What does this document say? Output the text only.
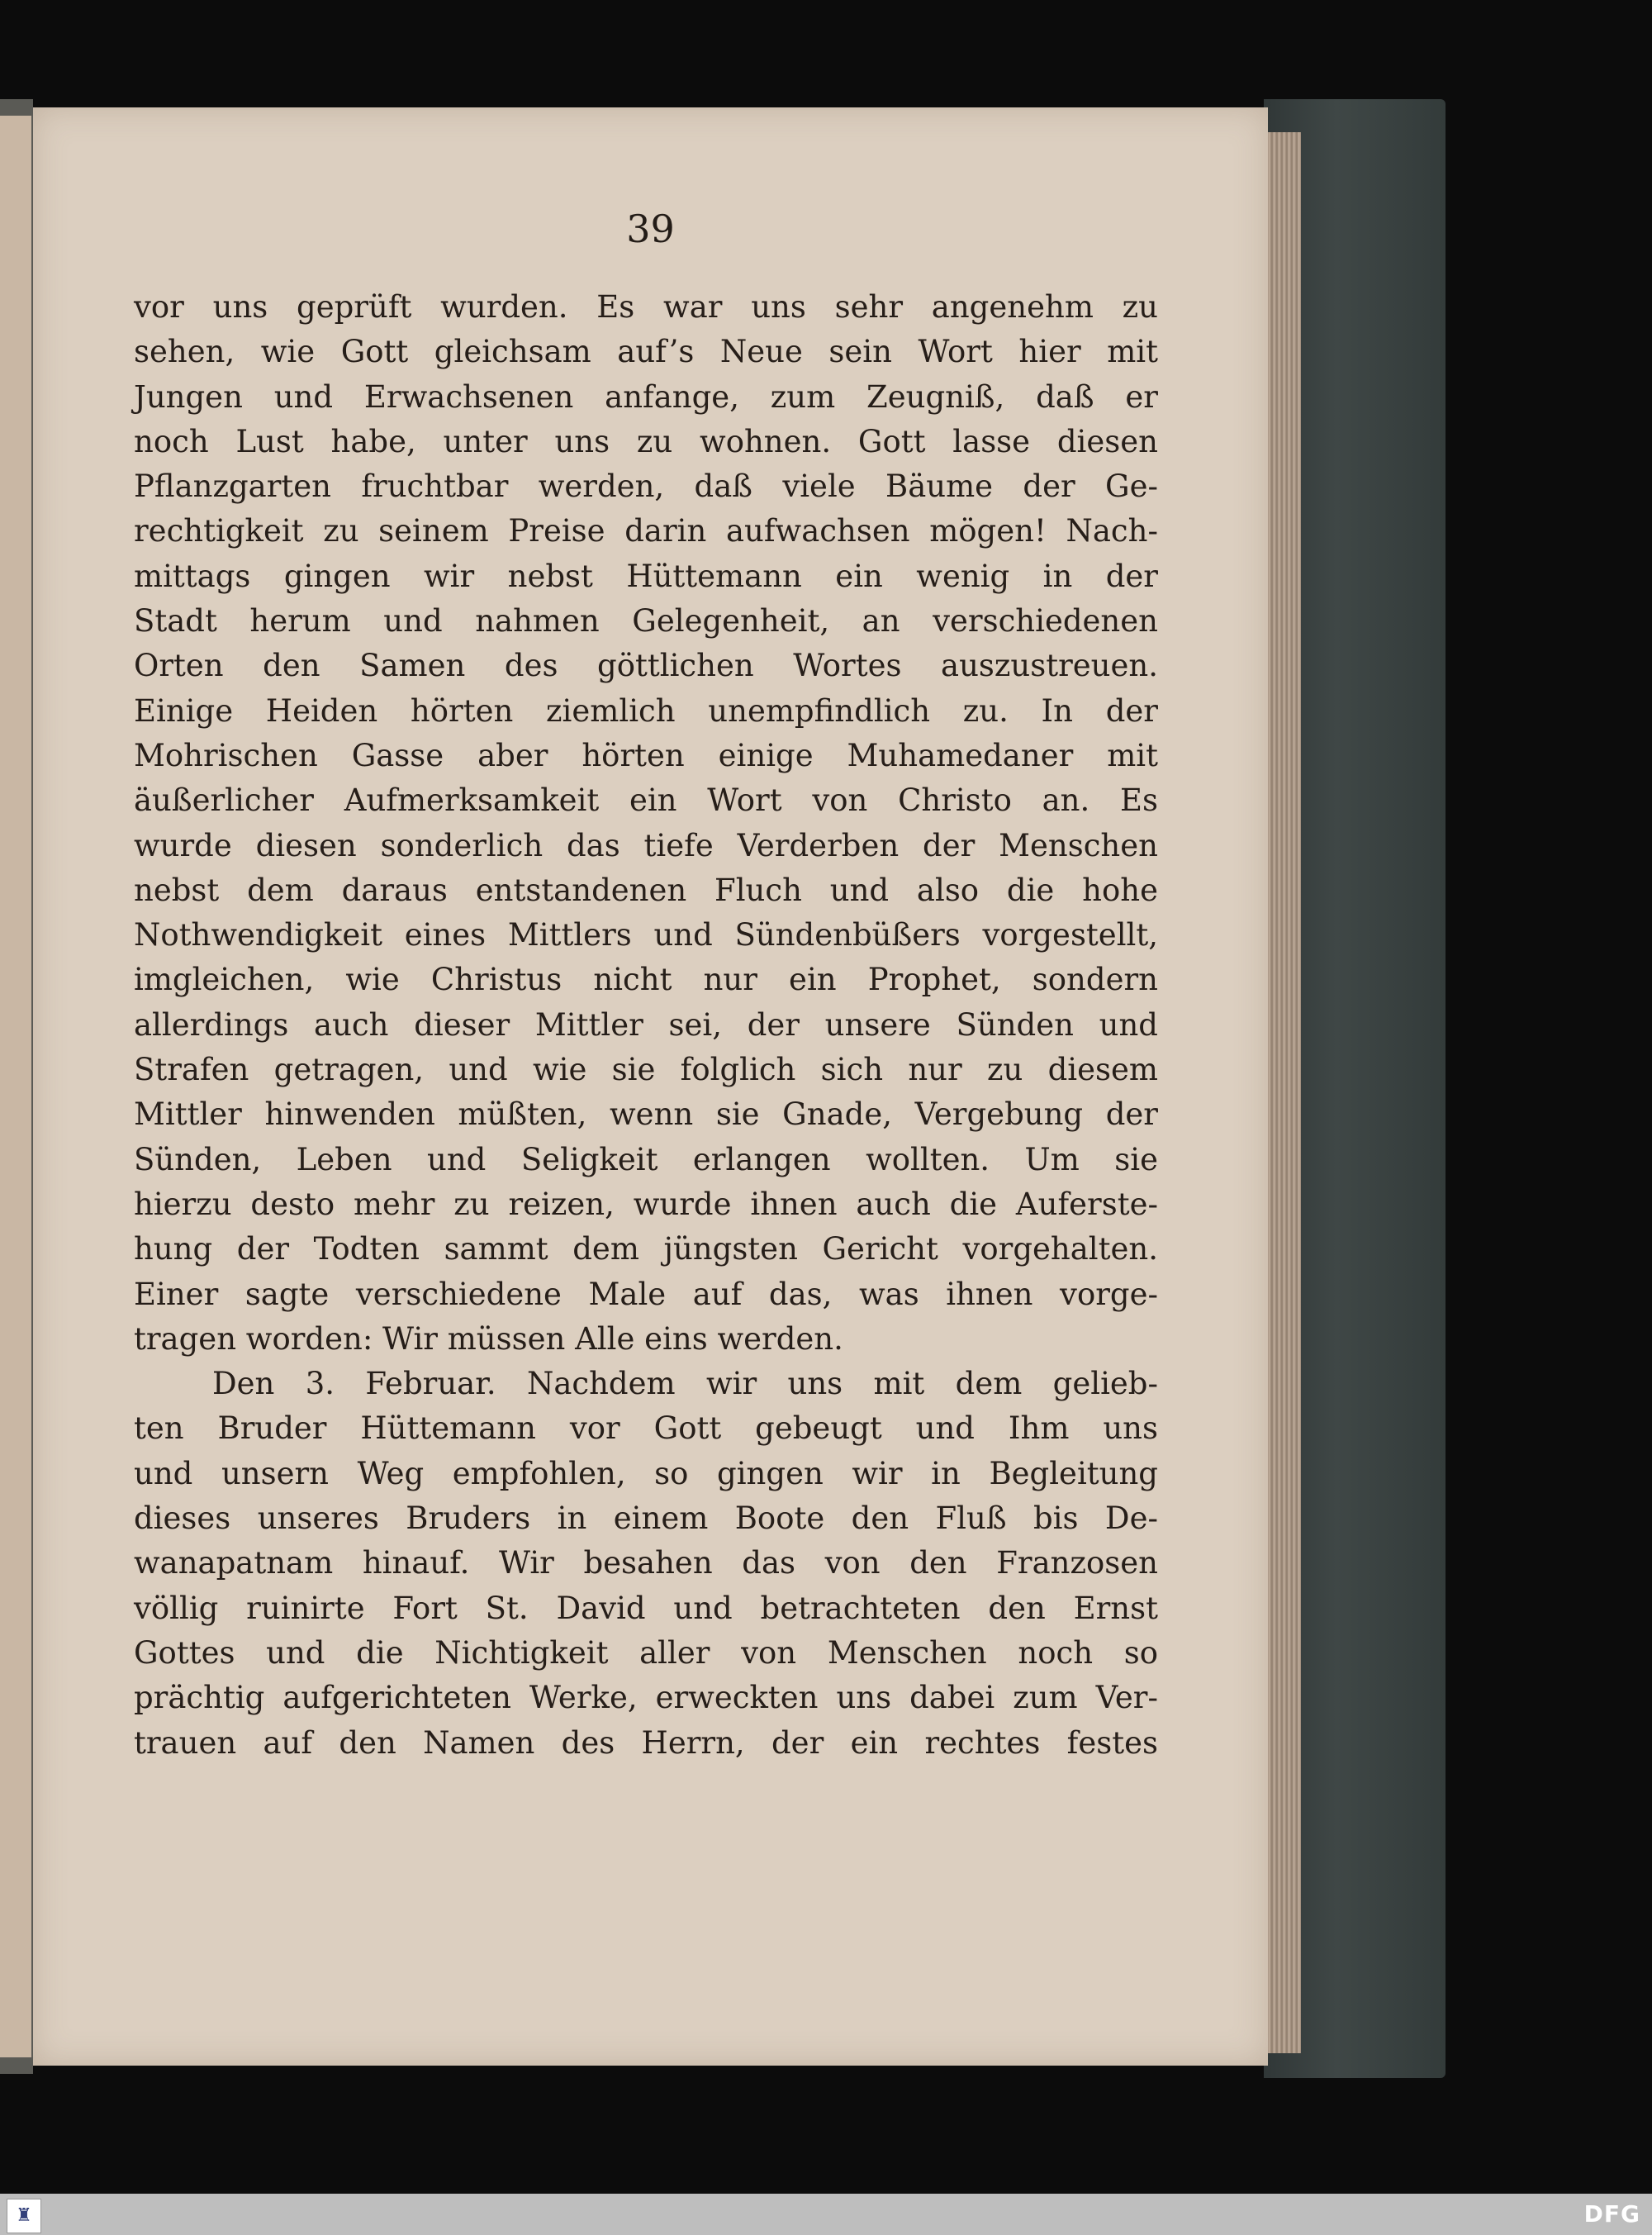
39
vor uns geprüft wurden. Es war uns sehr angenehm zu
sehen, wie Gott gleichsam auf’s Neue sein Wort hier mit
Jungen und Erwachsenen anfange, zum Zeugniß, daß er
noch Lust habe, unter uns zu wohnen. Gott lasse diesen
Pflanzgarten fruchtbar werden, daß viele Bäume der Ge-
rechtigkeit zu seinem Preise darin aufwachsen mögen! Nach-
mittags gingen wir nebst Hüttemann ein wenig in der
Stadt herum und nahmen Gelegenheit, an verschiedenen
Orten den Samen des göttlichen Wortes auszustreuen.
Einige Heiden hörten ziemlich unempfindlich zu. In der
Mohrischen Gasse aber hörten einige Muhamedaner mit
äußerlicher Aufmerksamkeit ein Wort von Christo an. Es
wurde diesen sonderlich das tiefe Verderben der Menschen
nebst dem daraus entstandenen Fluch und also die hohe
Nothwendigkeit eines Mittlers und Sündenbüßers vorgestellt,
imgleichen, wie Christus nicht nur ein Prophet, sondern
allerdings auch dieser Mittler sei, der unsere Sünden und
Strafen getragen, und wie sie folglich sich nur zu diesem
Mittler hinwenden müßten, wenn sie Gnade, Vergebung der
Sünden, Leben und Seligkeit erlangen wollten. Um sie
hierzu desto mehr zu reizen, wurde ihnen auch die Auferste-
hung der Todten sammt dem jüngsten Gericht vorgehalten.
Einer sagte verschiedene Male auf das, was ihnen vorge-
tragen worden: Wir müssen Alle eins werden.
Den 3. Februar. Nachdem wir uns mit dem gelieb-
ten Bruder Hüttemann vor Gott gebeugt und Ihm uns
und unsern Weg empfohlen, so gingen wir in Begleitung
dieses unseres Bruders in einem Boote den Fluß bis De-
wanapatnam hinauf. Wir besahen das von den Franzosen
völlig ruinirte Fort St. David und betrachteten den Ernst
Gottes und die Nichtigkeit aller von Menschen noch so
prächtig aufgerichteten Werke, erweckten uns dabei zum Ver-
trauen auf den Namen des Herrn, der ein rechtes festes
♜	DFG
